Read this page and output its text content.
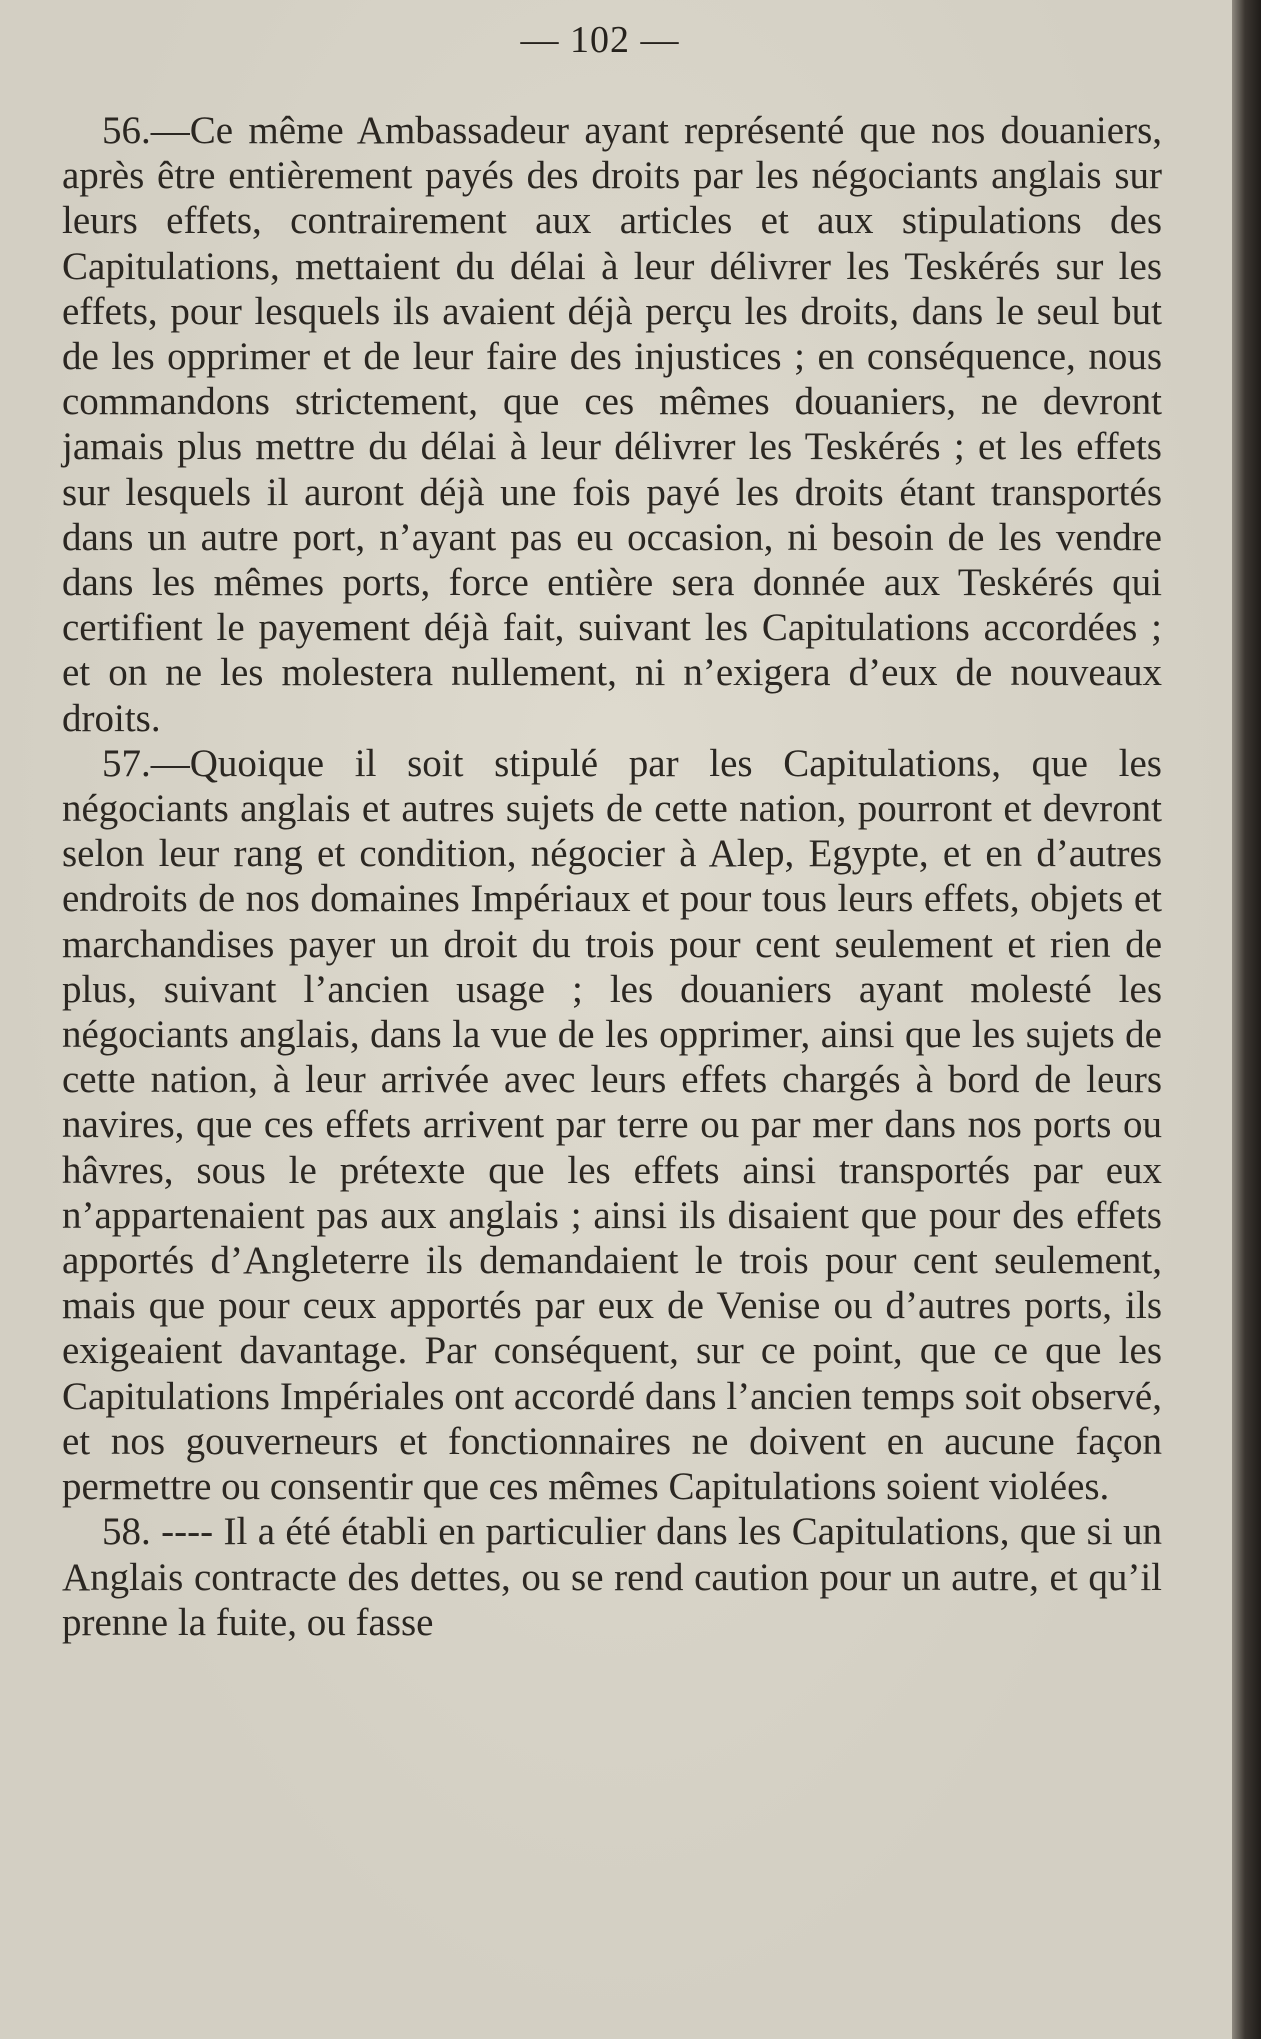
— 102 —

56.—Ce même Ambassadeur ayant représenté que nos douaniers, après être entièrement payés des droits par les négociants anglais sur leurs effets, contrairement aux articles et aux stipulations des Capitulations, mettaient du délai à leur délivrer les Teskérés sur les effets, pour lesquels ils avaient déjà perçu les droits, dans le seul but de les opprimer et de leur faire des injustices ; en conséquence, nous commandons strictement, que ces mêmes douaniers, ne devront jamais plus mettre du délai à leur délivrer les Teskérés ; et les effets sur lesquels il auront déjà une fois payé les droits étant transportés dans un autre port, n’ayant pas eu occasion, ni besoin de les vendre dans les mêmes ports, force entière sera donnée aux Teskérés qui certifient le payement déjà fait, suivant les Capitulations accordées ; et on ne les molestera nullement, ni n’exigera d’eux de nouveaux droits.

57.—Quoique il soit stipulé par les Capitulations, que les négociants anglais et autres sujets de cette nation, pourront et devront selon leur rang et condition, négocier à Alep, Egypte, et en d’autres endroits de nos domaines Impériaux et pour tous leurs effets, objets et marchandises payer un droit du trois pour cent seulement et rien de plus, suivant l’ancien usage ; les douaniers ayant molesté les négociants anglais, dans la vue de les opprimer, ainsi que les sujets de cette nation, à leur arrivée avec leurs effets chargés à bord de leurs navires, que ces effets arrivent par terre ou par mer dans nos ports ou hâvres, sous le prétexte que les effets ainsi transportés par eux n’appartenaient pas aux anglais ; ainsi ils disaient que pour des effets apportés d’Angleterre ils demandaient le trois pour cent seulement, mais que pour ceux apportés par eux de Venise ou d’autres ports, ils exigeaient davantage. Par conséquent, sur ce point, que ce que les Capitulations Impériales ont accordé dans l’ancien temps soit observé, et nos gouverneurs et fonctionnaires ne doivent en aucune façon permettre ou consentir que ces mêmes Capitulations soient violées.

58. ---- Il a été établi en particulier dans les Capitulations, que si un Anglais contracte des dettes, ou se rend caution pour un autre, et qu’il prenne la fuite, ou fasse
